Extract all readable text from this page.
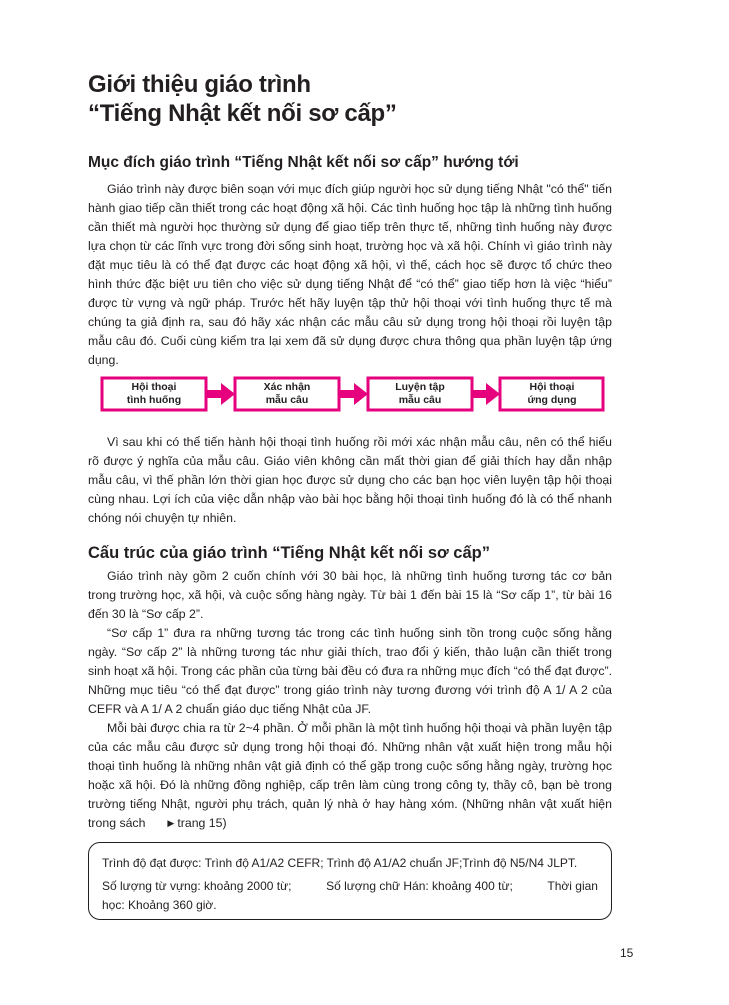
Giới thiệu giáo trình
“Tiếng Nhật kết nối sơ cấp”
Mục đích giáo trình “Tiếng Nhật kết nối sơ cấp” hướng tới

Giáo trình này được biên soạn với mục đích giúp người học sử dụng tiếng Nhật "có thể" tiến hành giao tiếp cần thiết trong các hoạt động xã hội. Các tình huống học tập là những tình huống cần thiết mà người học thường sử dụng để giao tiếp trên thực tế, những tình huống này được lựa chọn từ các lĩnh vực trong đời sống sinh hoạt, trường học và xã hội. Chính vì giáo trình này đặt mục tiêu là có thể đạt được các hoạt động xã hội, vì thế, cách học sẽ được tổ chức theo hình thức đặc biệt ưu tiên cho việc sử dụng tiếng Nhật để “có thể” giao tiếp hơn là việc “hiểu” được từ vựng và ngữ pháp. Trước hết hãy luyện tập thử hội thoại với tình huống thực tế mà chúng ta giả định ra, sau đó hãy xác nhận các mẫu câu sử dụng trong hội thoại rồi luyện tập mẫu câu đó. Cuối cùng kiểm tra lại xem đã sử dụng được chưa thông qua phần luyện tập ứng dụng.

Hội thoại
tình huống
Xác nhận
mẫu câu
Luyện tập
mẫu câu
Hội thoại
ứng dụng

Vì sau khi có thể tiến hành hội thoại tình huống rồi mới xác nhận mẫu câu, nên có thể hiểu rõ được ý nghĩa của mẫu câu. Giáo viên không cần mất thời gian để giải thích hay dẫn nhập mẫu câu, vì thế phần lớn thời gian học được sử dụng cho các bạn học viên luyện tập hội thoại cùng nhau. Lợi ích của việc dẫn nhập vào bài học bằng hội thoại tình huống đó là có thể nhanh chóng nói chuyện tự nhiên.

Cấu trúc của giáo trình “Tiếng Nhật kết nối sơ cấp”

Giáo trình này gồm 2 cuốn chính với 30 bài học, là những tình huống tương tác cơ bản trong trường học, xã hội, và cuộc sống hàng ngày. Từ bài 1 đến bài 15 là “Sơ cấp 1”, từ bài 16 đến 30 là “Sơ cấp 2”.

“Sơ cấp 1” đưa ra những tương tác trong các tình huống sinh tồn trong cuộc sống hằng ngày. “Sơ cấp 2” là những tương tác như giải thích, trao đổi ý kiến, thảo luận cần thiết trong sinh hoạt xã hội. Trong các phần của từng bài đều có đưa ra những mục đích “có thể đạt được”. Những mục tiêu “có thể đạt được” trong giáo trình này tương đương với trình độ A 1/ A 2 của CEFR và A 1/ A 2 chuẩn giáo dục tiếng Nhật của JF.

Mỗi bài được chia ra từ 2~4 phần. Ở mỗi phần là một tình huống hội thoại và phần luyện tập của các mẫu câu được sử dụng trong hội thoại đó. Những nhân vật xuất hiện trong mẫu hội thoại tình huống là những nhân vật giả định có thể gặp trong cuộc sống hằng ngày, trường học hoặc xã hội. Đó là những đồng nghiệp, cấp trên làm cùng trong công ty, thầy cô, bạn bè trong trường tiếng Nhật, người phụ trách, quản lý nhà ở hay hàng xóm. (Những nhân vật xuất hiện trong sách ▶ trang 15)

Trình độ đạt được: Trình độ A1/A2 CEFR; Trình độ A1/A2 chuẩn JF;Trình độ N5/N4 JLPT.
Số lượng từ vựng: khoảng 2000 từ;	Số lượng chữ Hán: khoảng 400 từ;	Thời gian
học: Khoảng 360 giờ.
15
